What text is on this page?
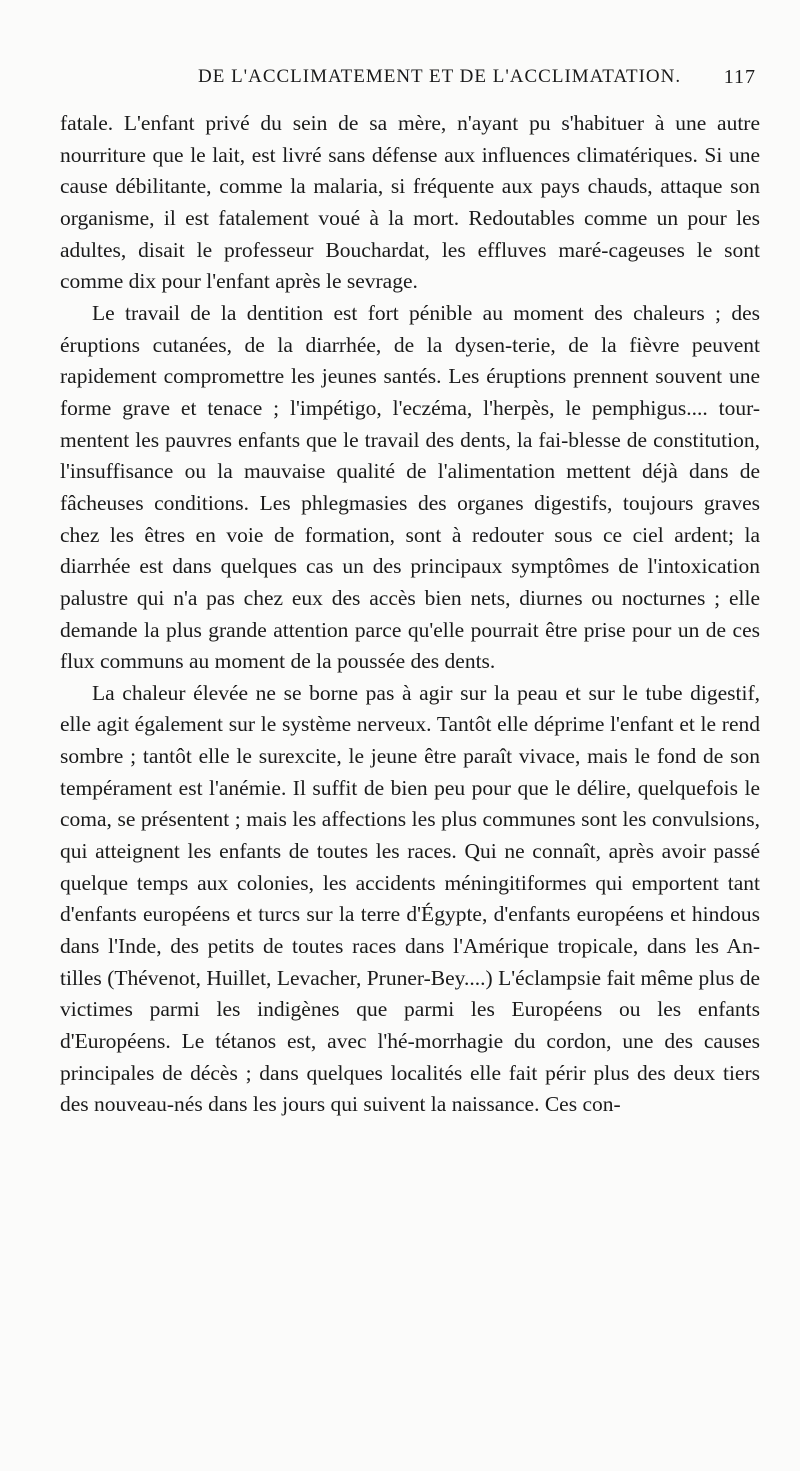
DE L'ACCLIMATEMENT ET DE L'ACCLIMATATION. 117

fatale. L'enfant privé du sein de sa mère, n'ayant pu s'habituer à une autre nourriture que le lait, est livré sans défense aux influences climatériques. Si une cause débilitante, comme la malaria, si fréquente aux pays chauds, attaque son organisme, il est fatalement voué à la mort. Redoutables comme un pour les adultes, disait le professeur Bouchardat, les effluves maré-cageuses le sont comme dix pour l'enfant après le sevrage.

Le travail de la dentition est fort pénible au moment des chaleurs ; des éruptions cutanées, de la diarrhée, de la dysen-terie, de la fièvre peuvent rapidement compromettre les jeunes santés. Les éruptions prennent souvent une forme grave et tenace ; l'impétigo, l'eczéma, l'herpès, le pemphigus.... tour-mentent les pauvres enfants que le travail des dents, la fai-blesse de constitution, l'insuffisance ou la mauvaise qualité de l'alimentation mettent déjà dans de fâcheuses conditions. Les phlegmasies des organes digestifs, toujours graves chez les êtres en voie de formation, sont à redouter sous ce ciel ardent; la diarrhée est dans quelques cas un des principaux symptômes de l'intoxication palustre qui n'a pas chez eux des accès bien nets, diurnes ou nocturnes ; elle demande la plus grande attention parce qu'elle pourrait être prise pour un de ces flux communs au moment de la poussée des dents.

La chaleur élevée ne se borne pas à agir sur la peau et sur le tube digestif, elle agit également sur le système nerveux. Tantôt elle déprime l'enfant et le rend sombre ; tantôt elle le surexcite, le jeune être paraît vivace, mais le fond de son tempérament est l'anémie. Il suffit de bien peu pour que le délire, quelquefois le coma, se présentent ; mais les affections les plus communes sont les convulsions, qui atteignent les enfants de toutes les races. Qui ne connaît, après avoir passé quelque temps aux colonies, les accidents méningitiformes qui emportent tant d'enfants européens et turcs sur la terre d'Égypte, d'enfants européens et hindous dans l'Inde, des petits de toutes races dans l'Amérique tropicale, dans les An-tilles (Thévenot, Huillet, Levacher, Pruner-Bey....) L'éclampsie fait même plus de victimes parmi les indigènes que parmi les Européens ou les enfants d'Européens. Le tétanos est, avec l'hé-morrhagie du cordon, une des causes principales de décès ; dans quelques localités elle fait périr plus des deux tiers des nouveau-nés dans les jours qui suivent la naissance. Ces con-
